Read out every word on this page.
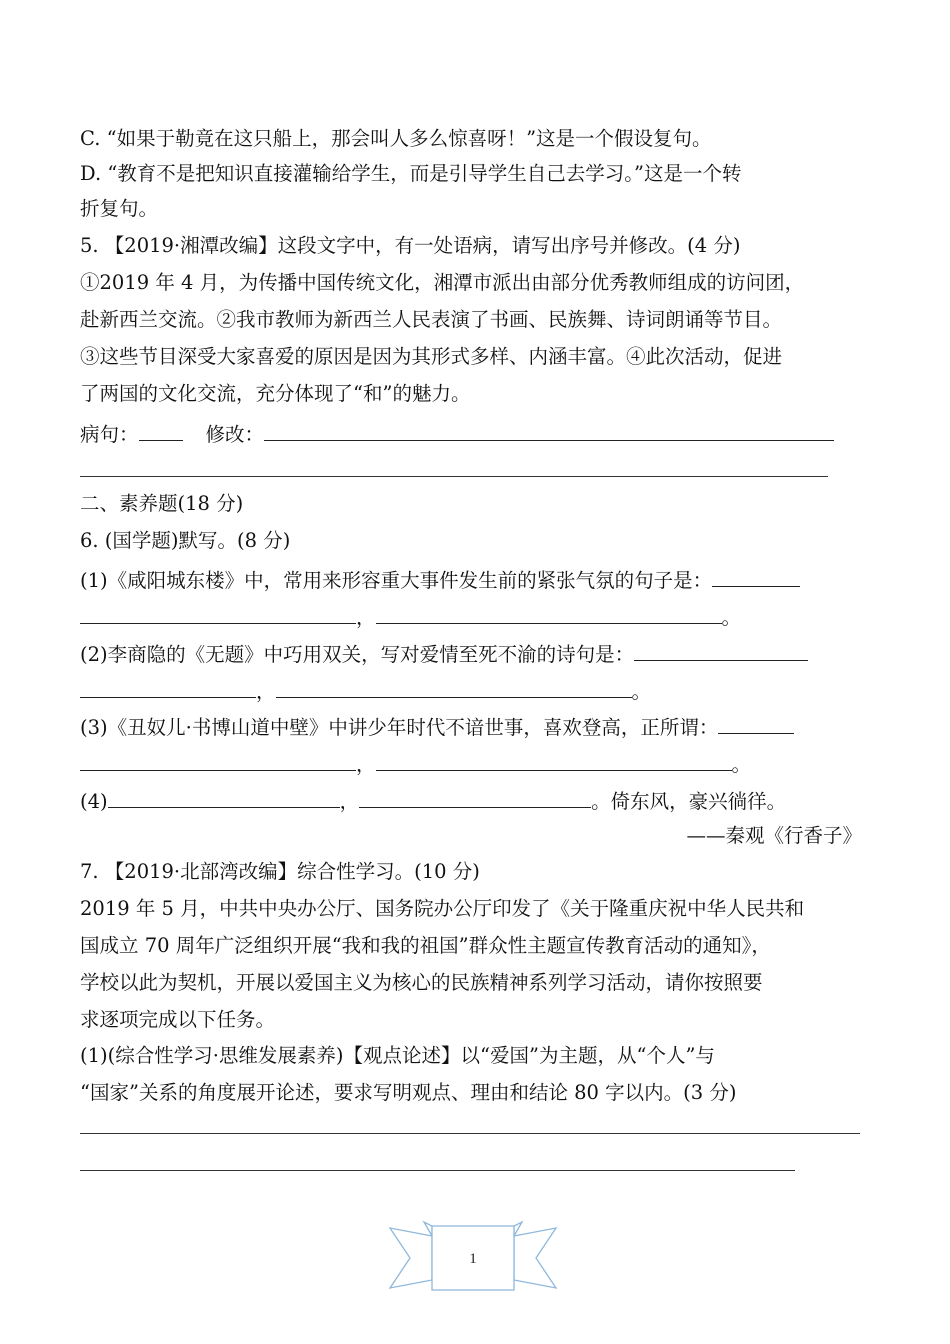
C. “如果于勒竟在这只船上，那会叫人多么惊喜呀！”这是一个假设复句。
D. “教育不是把知识直接灌输给学生，而是引导学生自己去学习。”这是一个转
折复句。
5. 【2019·湘潭改编】这段文字中，有一处语病，请写出序号并修改。(4 分)
①2019 年 4 月，为传播中国传统文化，湘潭市派出由部分优秀教师组成的访问团，
赴新西兰交流。②我市教师为新西兰人民表演了书画、民族舞、诗词朗诵等节目。
③这些节目深受大家喜爱的原因是因为其形式多样、内涵丰富。④此次活动，促进
了两国的文化交流，充分体现了“和”的魅力。
病句：	修改：
二、素养题(18 分)
6. (国学题)默写。(8 分)
(1)《咸阳城东楼》中，常用来形容重大事件发生前的紧张气氛的句子是：
，	。
(2)李商隐的《无题》中巧用双关，写对爱情至死不渝的诗句是：
，	。
(3)《丑奴儿·书博山道中壁》中讲少年时代不谙世事，喜欢登高，正所谓：
，	。
(4)	，	。倚东风，豪兴徜徉。
——秦观《行香子》
7. 【2019·北部湾改编】综合性学习。(10 分)
2019 年 5 月，中共中央办公厅、国务院办公厅印发了《关于隆重庆祝中华人民共和
国成立 70 周年广泛组织开展“我和我的祖国”群众性主题宣传教育活动的通知》，
学校以此为契机，开展以爱国主义为核心的民族精神系列学习活动，请你按照要
求逐项完成以下任务。
(1)(综合性学习·思维发展素养)【观点论述】以“爱国”为主题，从“个人”与
“国家”关系的角度展开论述，要求写明观点、理由和结论 80 字以内。(3 分)
1
